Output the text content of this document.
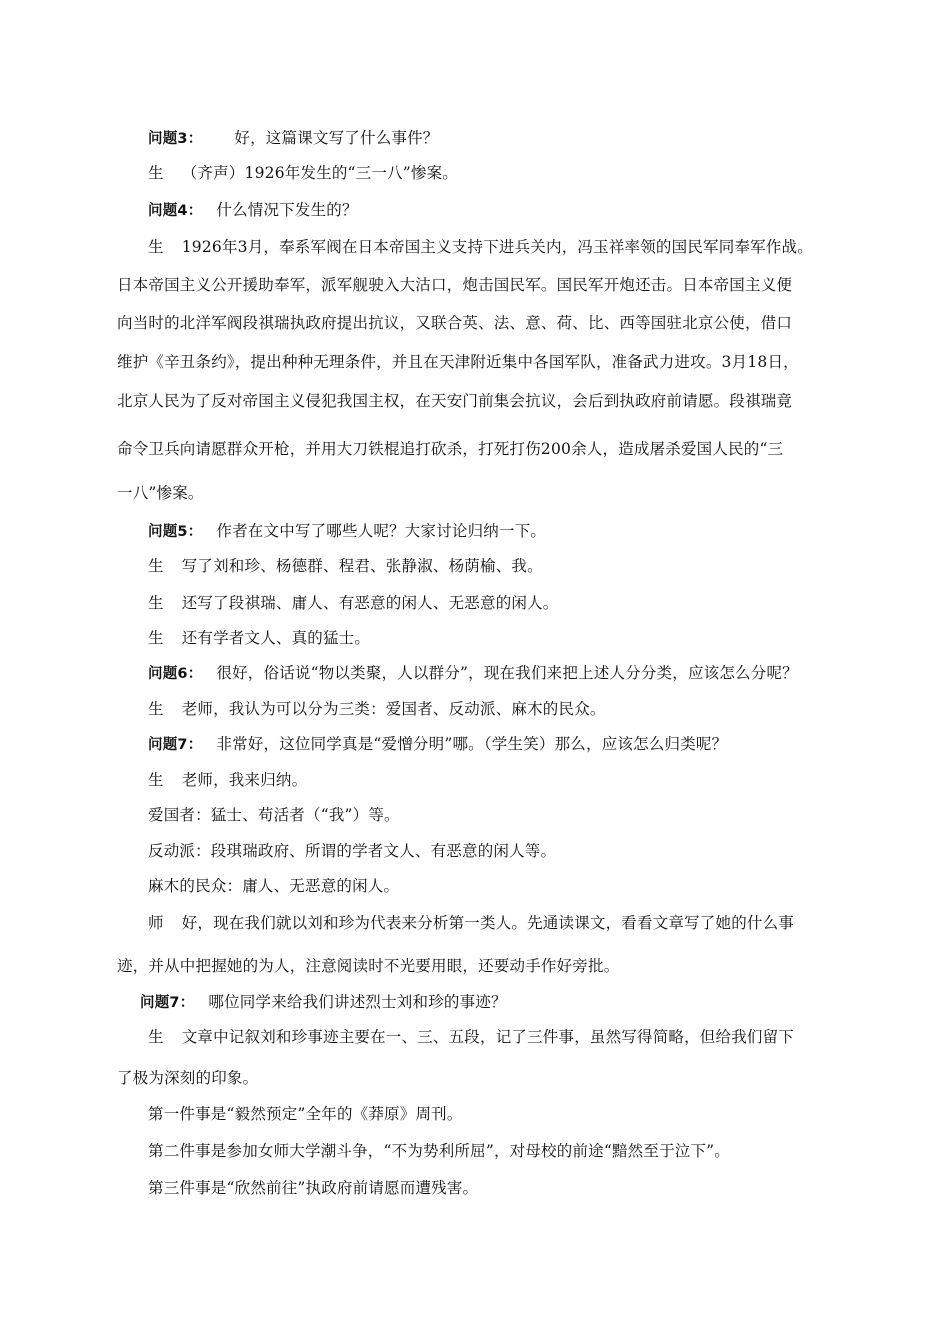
问题3： 好，这篇课文写了什么事件？
生 （齐声）1926年发生的“三一八”惨案。
问题4： 什么情况下发生的？
生 1926年3月，奉系军阀在日本帝国主义支持下进兵关内，冯玉祥率领的国民军同奉军作战。
日本帝国主义公开援助奉军，派军舰驶入大沽口，炮击国民军。国民军开炮还击。日本帝国主义便
向当时的北洋军阀段祺瑞执政府提出抗议，又联合英、法、意、荷、比、西等国驻北京公使，借口
维护《辛丑条约》，提出种种无理条件，并且在天津附近集中各国军队，准备武力进攻。3月18日，
北京人民为了反对帝国主义侵犯我国主权，在天安门前集会抗议，会后到执政府前请愿。段祺瑞竟
命令卫兵向请愿群众开枪，并用大刀铁棍追打砍杀，打死打伤200余人，造成屠杀爱国人民的“三
一八”惨案。
问题5： 作者在文中写了哪些人呢？大家讨论归纳一下。
生 写了刘和珍、杨德群、程君、张静淑、杨荫榆、我。
生 还写了段祺瑞、庸人、有恶意的闲人、无恶意的闲人。
生 还有学者文人、真的猛士。
问题6： 很好，俗话说“物以类聚，人以群分”，现在我们来把上述人分分类，应该怎么分呢？
生 老师，我认为可以分为三类：爱国者、反动派、麻木的民众。
问题7： 非常好，这位同学真是“爱憎分明”哪。（学生笑）那么，应该怎么归类呢？
生 老师，我来归纳。
爱国者：猛士、苟活者（“我”）等。
反动派：段琪瑞政府、所谓的学者文人、有恶意的闲人等。
麻木的民众：庸人、无恶意的闲人。
师 好，现在我们就以刘和珍为代表来分析第一类人。先通读课文，看看文章写了她的什么事
迹，并从中把握她的为人，注意阅读时不光要用眼，还要动手作好旁批。
问题7： 哪位同学来给我们讲述烈士刘和珍的事迹？
生 文章中记叙刘和珍事迹主要在一、三、五段，记了三件事，虽然写得简略，但给我们留下
了极为深刻的印象。
第一件事是“毅然预定”全年的《莽原》周刊。
第二件事是参加女师大学潮斗争，“不为势利所屈”，对母校的前途“黯然至于泣下”。
第三件事是“欣然前往”执政府前请愿而遭残害。
